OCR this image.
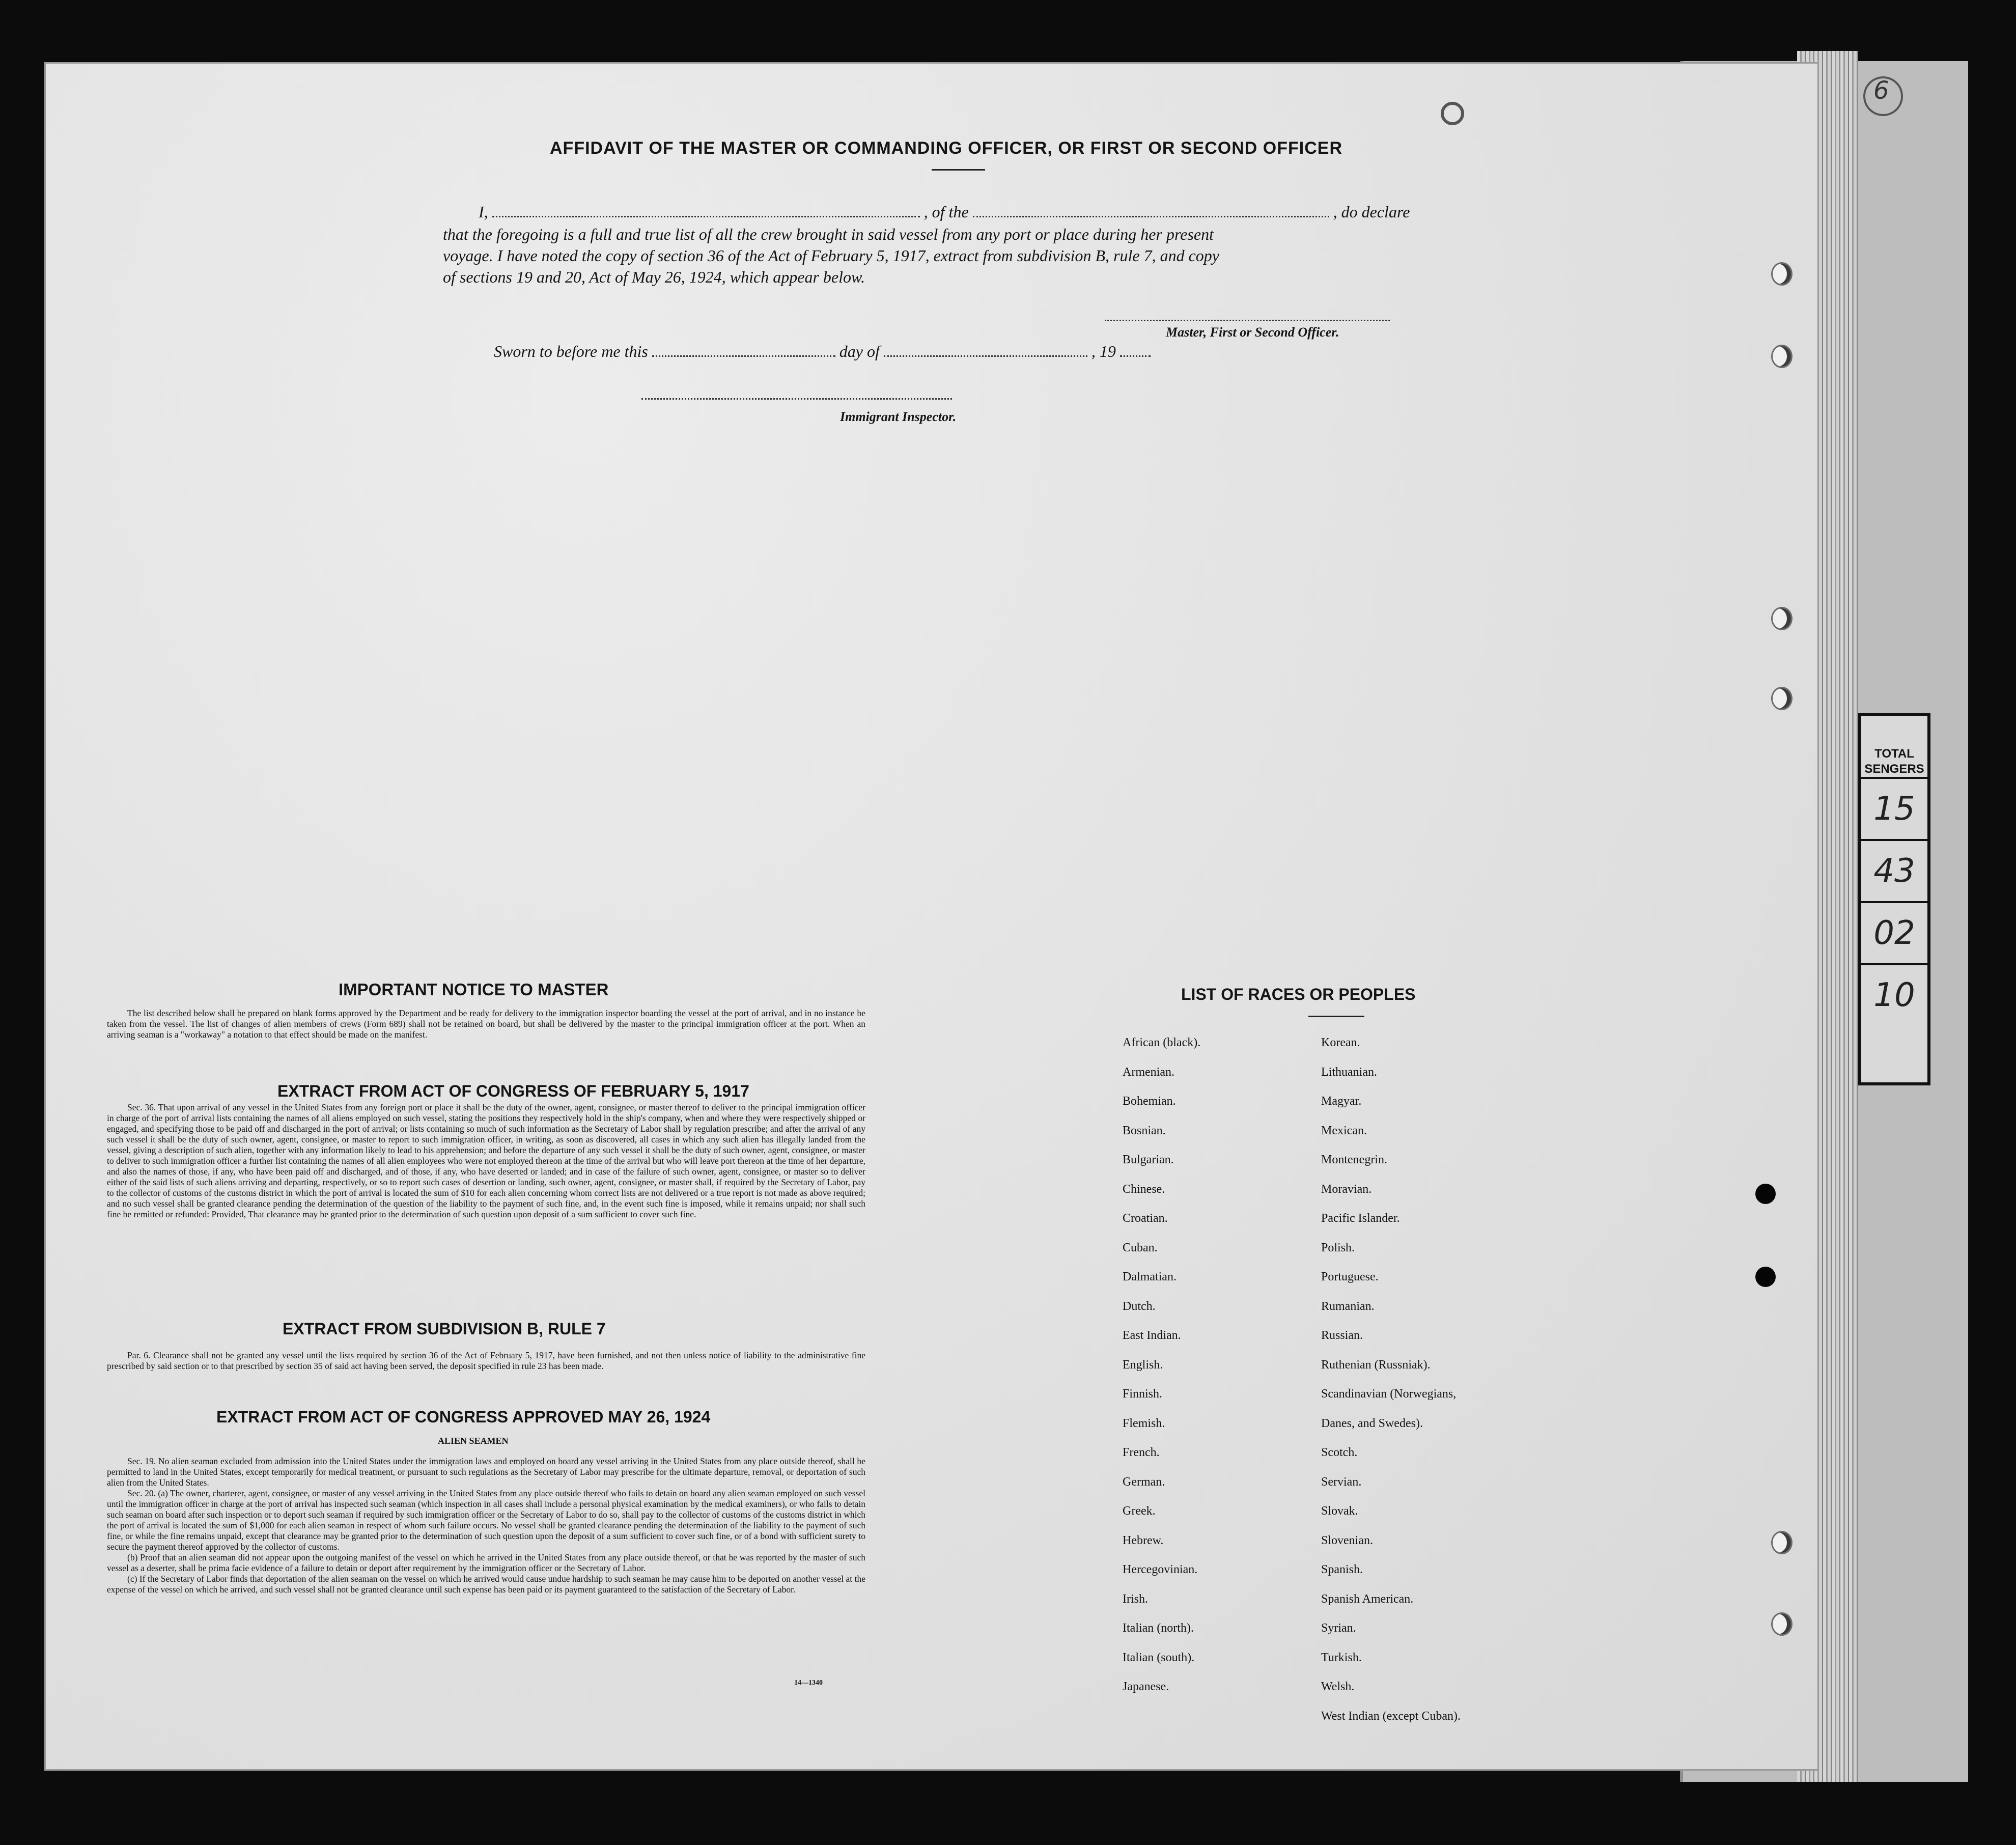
6
AFFIDAVIT OF THE MASTER OR COMMANDING OFFICER, OR FIRST OR SECOND OFFICER
I,	, of the	, do declare
that the foregoing is a full and true list of all the crew brought in said vessel from any port or place during her present
voyage. I have noted the copy of section 36 of the Act of February 5, 1917, extract from subdivision B, rule 7, and copy
of sections 19 and 20, Act of May 26, 1924, which appear below.
Master, First or Second Officer.
Sworn to before me this	day of	, 19
Immigrant Inspector.
IMPORTANT NOTICE TO MASTER

The list described below shall be prepared on blank forms approved by the Department and be ready for delivery to the immigration inspector boarding the vessel at the port of arrival, and in no instance be taken from the vessel. The list of changes of alien members of crews (Form 689) shall not be retained on board, but shall be delivered by the master to the principal immigration officer at the port. When an arriving seaman is a "workaway" a notation to that effect should be made on the manifest.

EXTRACT FROM ACT OF CONGRESS OF FEBRUARY 5, 1917

Sec. 36. That upon arrival of any vessel in the United States from any foreign port or place it shall be the duty of the owner, agent, consignee, or master thereof to deliver to the principal immigration officer in charge of the port of arrival lists containing the names of all aliens employed on such vessel, stating the positions they respectively hold in the ship's company, when and where they were respectively shipped or engaged, and specifying those to be paid off and discharged in the port of arrival; or lists containing so much of such information as the Secretary of Labor shall by regulation prescribe; and after the arrival of any such vessel it shall be the duty of such owner, agent, consignee, or master to report to such immigration officer, in writing, as soon as discovered, all cases in which any such alien has illegally landed from the vessel, giving a description of such alien, together with any information likely to lead to his apprehension; and before the departure of any such vessel it shall be the duty of such owner, agent, consignee, or master to deliver to such immigration officer a further list containing the names of all alien employees who were not employed thereon at the time of the arrival but who will leave port thereon at the time of her departure, and also the names of those, if any, who have been paid off and discharged, and of those, if any, who have deserted or landed; and in case of the failure of such owner, agent, consignee, or master so to deliver either of the said lists of such aliens arriving and departing, respectively, or so to report such cases of desertion or landing, such owner, agent, consignee, or master shall, if required by the Secretary of Labor, pay to the collector of customs of the customs district in which the port of arrival is located the sum of $10 for each alien concerning whom correct lists are not delivered or a true report is not made as above required; and no such vessel shall be granted clearance pending the determination of the question of the liability to the payment of such fine, and, in the event such fine is imposed, while it remains unpaid; nor shall such fine be remitted or refunded: Provided, That clearance may be granted prior to the determination of such question upon deposit of a sum sufficient to cover such fine.

EXTRACT FROM SUBDIVISION B, RULE 7

Par. 6. Clearance shall not be granted any vessel until the lists required by section 36 of the Act of February 5, 1917, have been furnished, and not then unless notice of liability to the administrative fine prescribed by said section or to that prescribed by section 35 of said act having been served, the deposit specified in rule 23 has been made.

EXTRACT FROM ACT OF CONGRESS APPROVED MAY 26, 1924
ALIEN SEAMEN

Sec. 19. No alien seaman excluded from admission into the United States under the immigration laws and employed on board any vessel arriving in the United States from any place outside thereof, shall be permitted to land in the United States, except temporarily for medical treatment, or pursuant to such regulations as the Secretary of Labor may prescribe for the ultimate departure, removal, or deportation of such alien from the United States.

Sec. 20. (a) The owner, charterer, agent, consignee, or master of any vessel arriving in the United States from any place outside thereof who fails to detain on board any alien seaman employed on such vessel until the immigration officer in charge at the port of arrival has inspected such seaman (which inspection in all cases shall include a personal physical examination by the medical examiners), or who fails to detain such seaman on board after such inspection or to deport such seaman if required by such immigration officer or the Secretary of Labor to do so, shall pay to the collector of customs of the customs district in which the port of arrival is located the sum of $1,000 for each alien seaman in respect of whom such failure occurs. No vessel shall be granted clearance pending the determination of the liability to the payment of such fine, or while the fine remains unpaid, except that clearance may be granted prior to the determination of such question upon the deposit of a sum sufficient to cover such fine, or of a bond with sufficient surety to secure the payment thereof approved by the collector of customs.

(b) Proof that an alien seaman did not appear upon the outgoing manifest of the vessel on which he arrived in the United States from any place outside thereof, or that he was reported by the master of such vessel as a deserter, shall be prima facie evidence of a failure to detain or deport after requirement by the immigration officer or the Secretary of Labor.

(c) If the Secretary of Labor finds that deportation of the alien seaman on the vessel on which he arrived would cause undue hardship to such seaman he may cause him to be deported on another vessel at the expense of the vessel on which he arrived, and such vessel shall not be granted clearance until such expense has been paid or its payment guaranteed to the satisfaction of the Secretary of Labor.

14—1340
LIST OF RACES OR PEOPLES
African (black).
Armenian.
Bohemian.
Bosnian.
Bulgarian.
Chinese.
Croatian.
Cuban.
Dalmatian.
Dutch.
East Indian.
English.
Finnish.
Flemish.
French.
German.
Greek.
Hebrew.
Hercegovinian.
Irish.
Italian (north).
Italian (south).
Japanese.
Korean.
Lithuanian.
Magyar.
Mexican.
Montenegrin.
Moravian.
Pacific Islander.
Polish.
Portuguese.
Rumanian.
Russian.
Ruthenian (Russniak).
Scandinavian (Norwegians,
Danes, and Swedes).
Scotch.
Servian.
Slovak.
Slovenian.
Spanish.
Spanish American.
Syrian.
Turkish.
Welsh.
West Indian (except Cuban).
TOTAL
SENGERS
15
43
02
10
